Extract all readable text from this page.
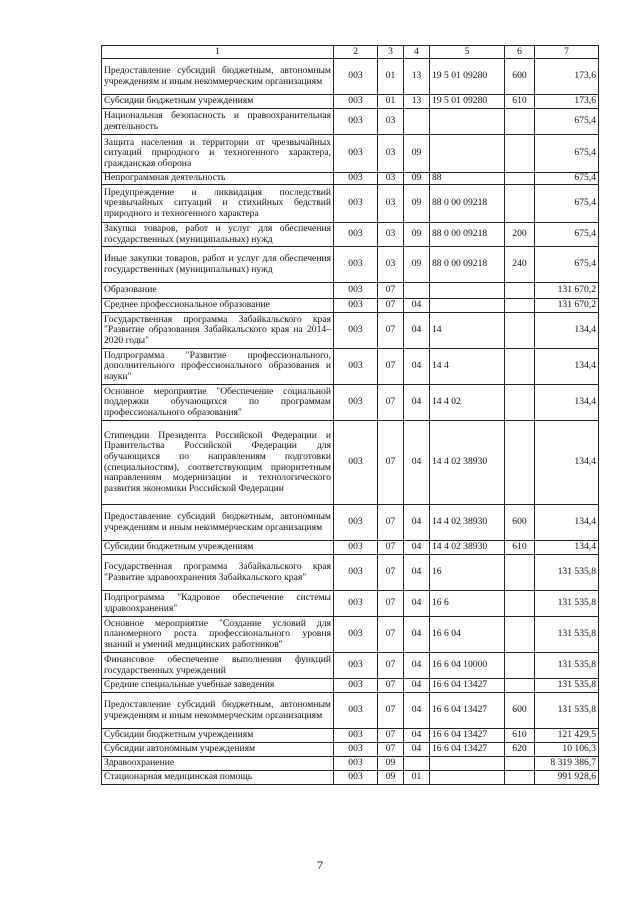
1	2	3	4	5	6	7
Предоставление субсидий бюджетным, автономным учреждениям и иным некоммерческим организациям	003	01	13	19 5 01 09280	600	173,6
Субсидии бюджетным учреждениям	003	01	13	19 5 01 09280	610	173,6
Национальная безопасность и правоохранительная деятельность	003	03				675,4
Защита населения и территории от чрезвычайных ситуаций природного и техногенного характера, гражданская оборона	003	03	09			675,4
Непрограммная деятельность	003	03	09	88		675,4
Предупреждение и ликвидация последствий чрезвычайных ситуаций и стихийных бедствий природного и техногенного характера	003	03	09	88 0 00 09218		675,4
Закупка товаров, работ и услуг для обеспечения государственных (муниципальных) нужд	003	03	09	88 0 00 09218	200	675,4
Иные закупки товаров, работ и услуг для обеспечения государственных (муниципальных) нужд	003	03	09	88 0 00 09218	240	675,4
Образование	003	07				131 670,2
Среднее профессиональное образование	003	07	04			131 670,2
Государственная программа Забайкальского края "Развитие образования Забайкальского края на 2014–2020 годы"	003	07	04	14		134,4
Подпрограмма "Развитие профессионального, дополнительного профессионального образования и науки"	003	07	04	14 4		134,4
Основное мероприятие "Обеспечение социальной поддержки обучающихся по программам профессионального образования"	003	07	04	14 4 02		134,4
Стипендии Президента Российской Федерации и Правительства Российской Федерации для обучающихся по направлениям подготовки (специальностям), соответствующим приоритетным направлениям модернизации и технологического развития экономики Российской Федерации	003	07	04	14 4 02 38930		134,4
Предоставление субсидий бюджетным, автономным учреждениям и иным некоммерческим организациям	003	07	04	14 4 02 38930	600	134,4
Субсидии бюджетным учреждениям	003	07	04	14 4 02 38930	610	134,4
Государственная программа Забайкальского края "Развитие здравоохранения Забайкальского края"	003	07	04	16		131 535,8
Подпрограмма "Кадровое обеспечение системы здравоохранения"	003	07	04	16 6		131 535,8
Основное мероприятие "Создание условий для планомерного роста профессионального уровня знаний и умений медицинских работников"	003	07	04	16 6 04		131 535,8
Финансовое обеспечение выполнения функций государственных учреждений	003	07	04	16 6 04 10000		131 535,8
Средние специальные учебные заведения	003	07	04	16 6 04 13427		131 535,8
Предоставление субсидий бюджетным, автономным учреждениям и иным некоммерческим организациям	003	07	04	16 6 04 13427	600	131 535,8
Субсидии бюджетным учреждениям	003	07	04	16 6 04 13427	610	121 429,5
Субсидии автономным учреждениям	003	07	04	16 6 04 13427	620	10 106,3
Здравоохранение	003	09				8 319 386,7
Стационарная медицинская помощь	003	09	01			991 928,6
7
